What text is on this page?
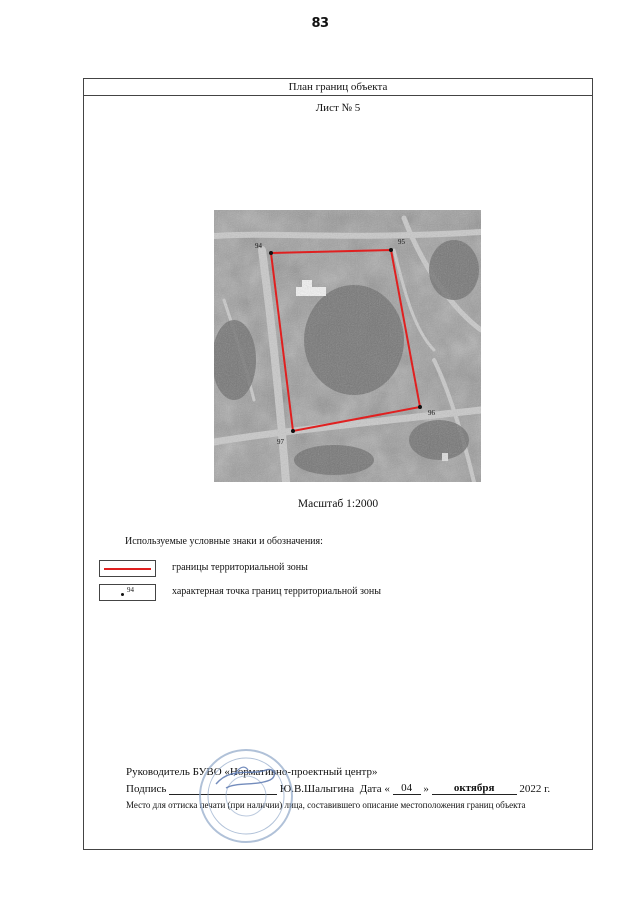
83
План границ объекта
Лист № 5
94	95
96
97
Масштаб 1:2000
Используемые условные знаки и обозначения:
границы территориальной зоны
94	характерная точка границ территориальной зоны
Руководитель БУВО «Нормативно-проектный центр»
Подпись	Ю.В.Шалыгина Дата « 04 » октября 2022 г.
Место для оттиска печати (при наличии) лица, составившего описание местоположения границ объекта
